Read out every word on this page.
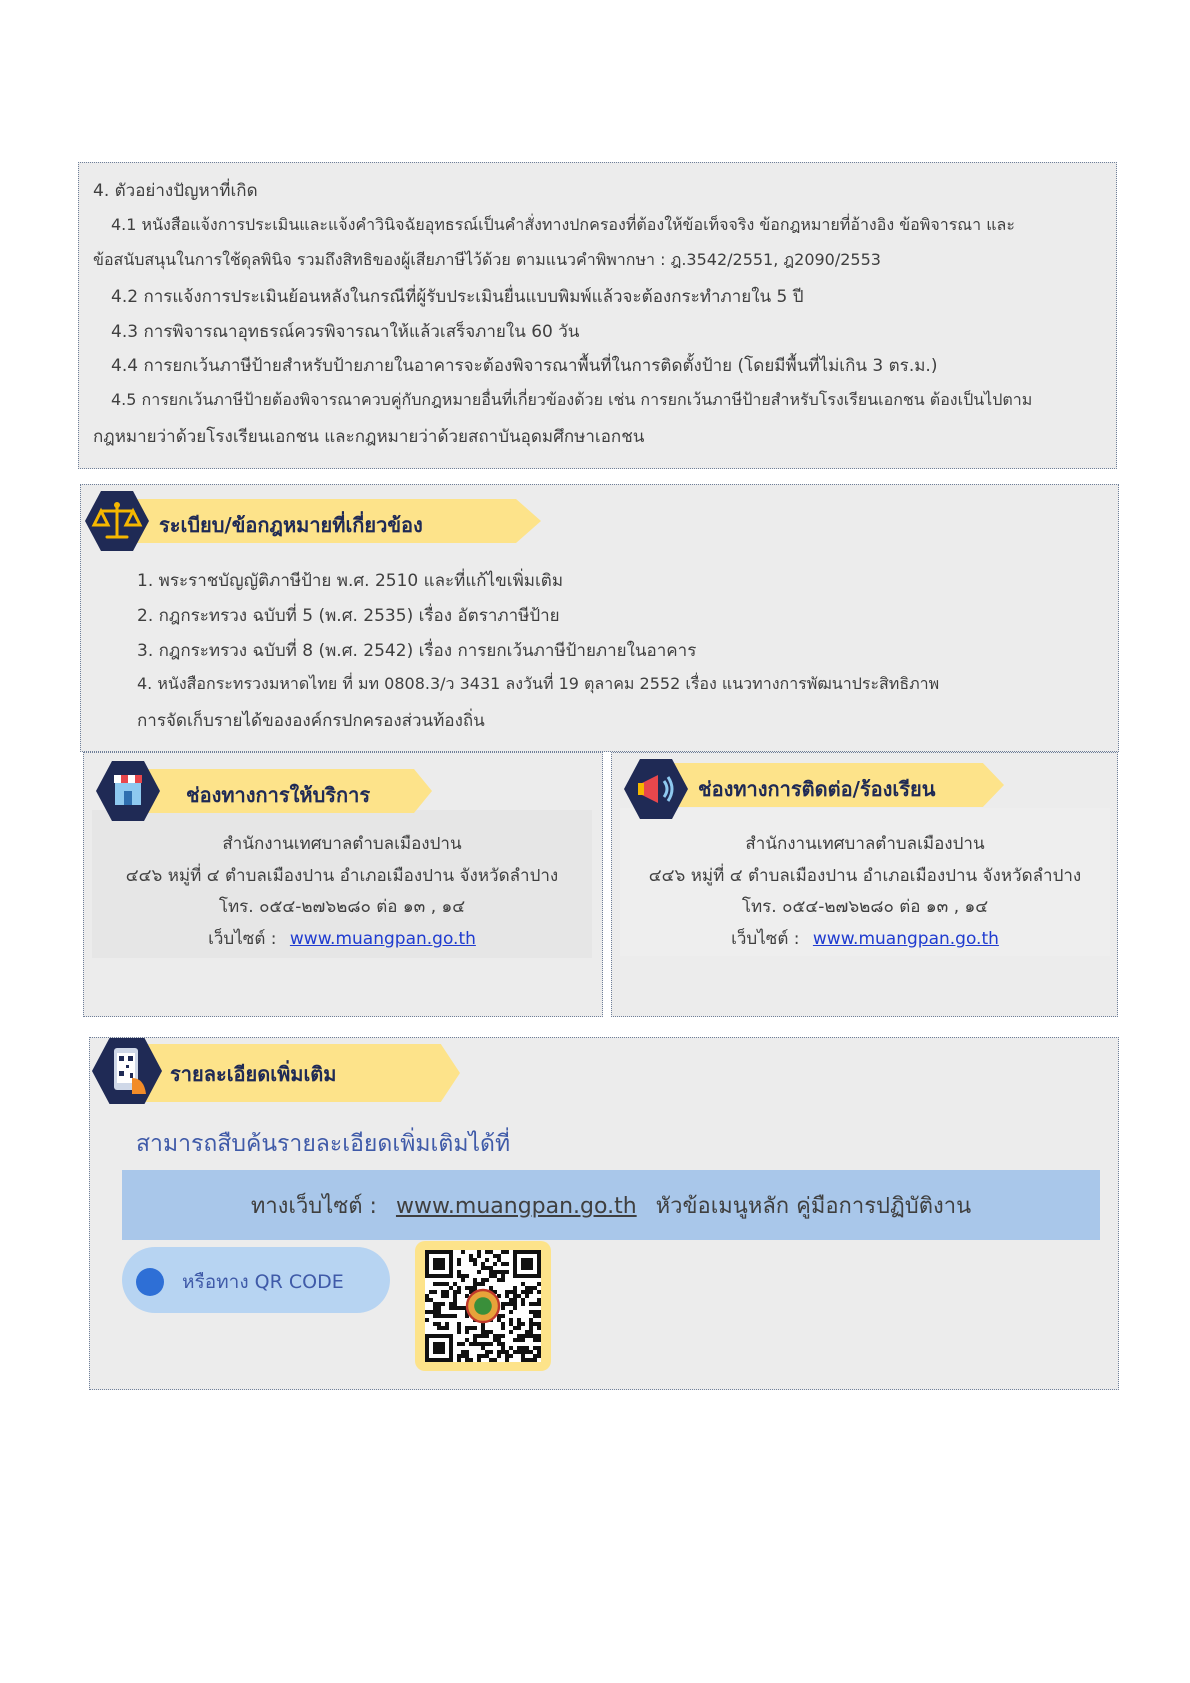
4. ตัวอย่างปัญหาที่เกิด
4.1 หนังสือแจ้งการประเมินและแจ้งคำวินิจฉัยอุทธรณ์เป็นคำสั่งทางปกครองที่ต้องให้ข้อเท็จจริง ข้อกฎหมายที่อ้างอิง ข้อพิจารณา และ
ข้อสนับสนุนในการใช้ดุลพินิจ รวมถึงสิทธิของผู้เสียภาษีไว้ด้วย ตามแนวคำพิพากษา : ฎ.3542/2551, ฎ2090/2553
4.2 การแจ้งการประเมินย้อนหลังในกรณีที่ผู้รับประเมินยื่นแบบพิมพ์แล้วจะต้องกระทำภายใน 5 ปี
4.3 การพิจารณาอุทธรณ์ควรพิจารณาให้แล้วเสร็จภายใน 60 วัน
4.4 การยกเว้นภาษีป้ายสำหรับป้ายภายในอาคารจะต้องพิจารณาพื้นที่ในการติดตั้งป้าย (โดยมีพื้นที่ไม่เกิน 3 ตร.ม.)
4.5 การยกเว้นภาษีป้ายต้องพิจารณาควบคู่กับกฎหมายอื่นที่เกี่ยวข้องด้วย เช่น การยกเว้นภาษีป้ายสำหรับโรงเรียนเอกชน ต้องเป็นไปตาม
กฎหมายว่าด้วยโรงเรียนเอกชน และกฎหมายว่าด้วยสถาบันอุดมศึกษาเอกชน
ระเบียบ/ข้อกฎหมายที่เกี่ยวข้อง
1. พระราชบัญญัติภาษีป้าย พ.ศ. 2510 และที่แก้ไขเพิ่มเติม
2. กฎกระทรวง ฉบับที่ 5 (พ.ศ. 2535) เรื่อง อัตราภาษีป้าย
3. กฎกระทรวง ฉบับที่ 8 (พ.ศ. 2542) เรื่อง การยกเว้นภาษีป้ายภายในอาคาร
4. หนังสือกระทรวงมหาดไทย ที่ มท 0808.3/ว 3431 ลงวันที่ 19 ตุลาคม 2552 เรื่อง แนวทางการพัฒนาประสิทธิภาพ
การจัดเก็บรายได้ขององค์กรปกครองส่วนท้องถิ่น
สำนักงานเทศบาลตำบลเมืองปาน
๔๔๖ หมู่ที่ ๔ ตำบลเมืองปาน อำเภอเมืองปาน จังหวัดลำปาง
โทร. ๐๕๔-๒๗๖๒๘๐ ต่อ ๑๓ , ๑๔
เว็บไซต์ : www.muangpan.go.th
ช่องทางการให้บริการ
สำนักงานเทศบาลตำบลเมืองปาน
๔๔๖ หมู่ที่ ๔ ตำบลเมืองปาน อำเภอเมืองปาน จังหวัดลำปาง
โทร. ๐๕๔-๒๗๖๒๘๐ ต่อ ๑๓ , ๑๔
เว็บไซต์ : www.muangpan.go.th
ช่องทางการติดต่อ/ร้องเรียน
รายละเอียดเพิ่มเติม
สามารถสืบค้นรายละเอียดเพิ่มเติมได้ที่
ทางเว็บไซต์ : www.muangpan.go.th หัวข้อเมนูหลัก คู่มือการปฏิบัติงาน
หรือทาง QR CODE
